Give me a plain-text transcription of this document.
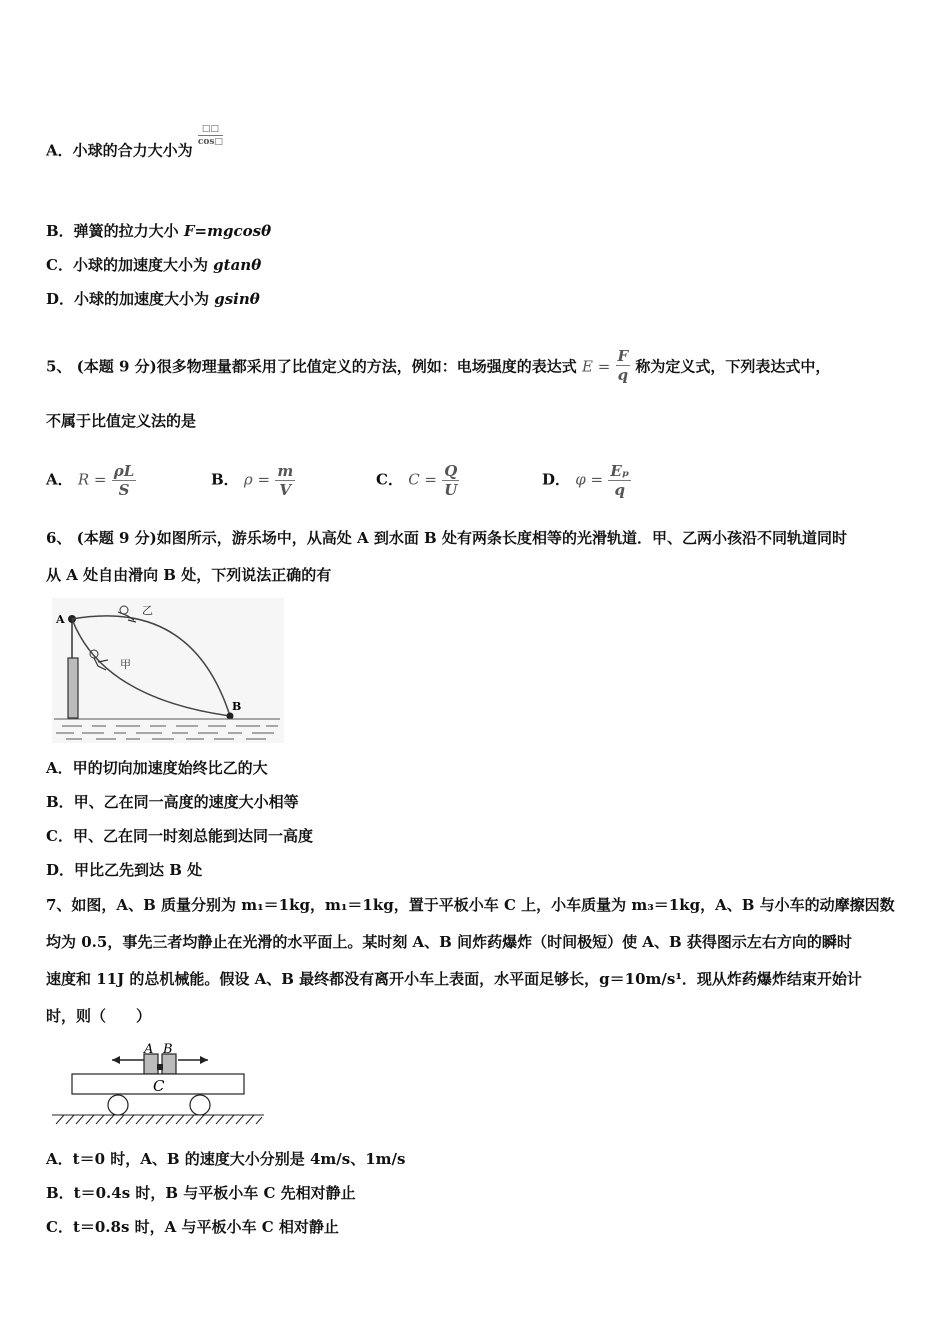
A．小球的合力大小为
$\frac{□□}{\cos□}$
B．弹簧的拉力大小 F=mgcosθ
C．小球的加速度大小为 gtanθ
D．小球的加速度大小为 gsinθ
5、 (本题 9 分)很多物理量都采用了比值定义的方法，例如：电场强度的表达式 $E = \frac{F}{q}$ 称为定义式，下列表达式中，
不属于比值定义法的是
A． $R = \frac{\rho L}{S}$	B． $\rho = \frac{m}{V}$	C． $C = \frac{Q}{U}$	D． $\varphi = \frac{\text{Eₚ}}{q}$
6、 (本题 9 分)如图所示，游乐场中，从高处 A 到水面 B 处有两条长度相等的光滑轨道．甲、乙两小孩沿不同轨道同时
从 A 处自由滑向 B 处，下列说法正确的有
A
B
乙
甲
A．甲的切向加速度始终比乙的大
B．甲、乙在同一高度的速度大小相等
C．甲、乙在同一时刻总能到达同一高度
D．甲比乙先到达 B 处
7、如图，A、B 质量分别为 m₁＝1kg，m₁＝1kg，置于平板小车 C 上，小车质量为 m₃＝1kg，A、B 与小车的动摩擦因数
均为 0.5，事先三者均静止在光滑的水平面上。某时刻 A、B 间炸药爆炸（时间极短）使 A、B 获得图示左右方向的瞬时
速度和 11J 的总机械能。假设 A、B 最终都没有离开小车上表面，水平面足够长，g＝10m/s¹．现从炸药爆炸结束开始计
时，则（　　）
A B
C
A．t＝0 时，A、B 的速度大小分别是 4m/s、1m/s
B．t＝0.4s 时，B 与平板小车 C 先相对静止
C．t＝0.8s 时，A 与平板小车 C 相对静止
